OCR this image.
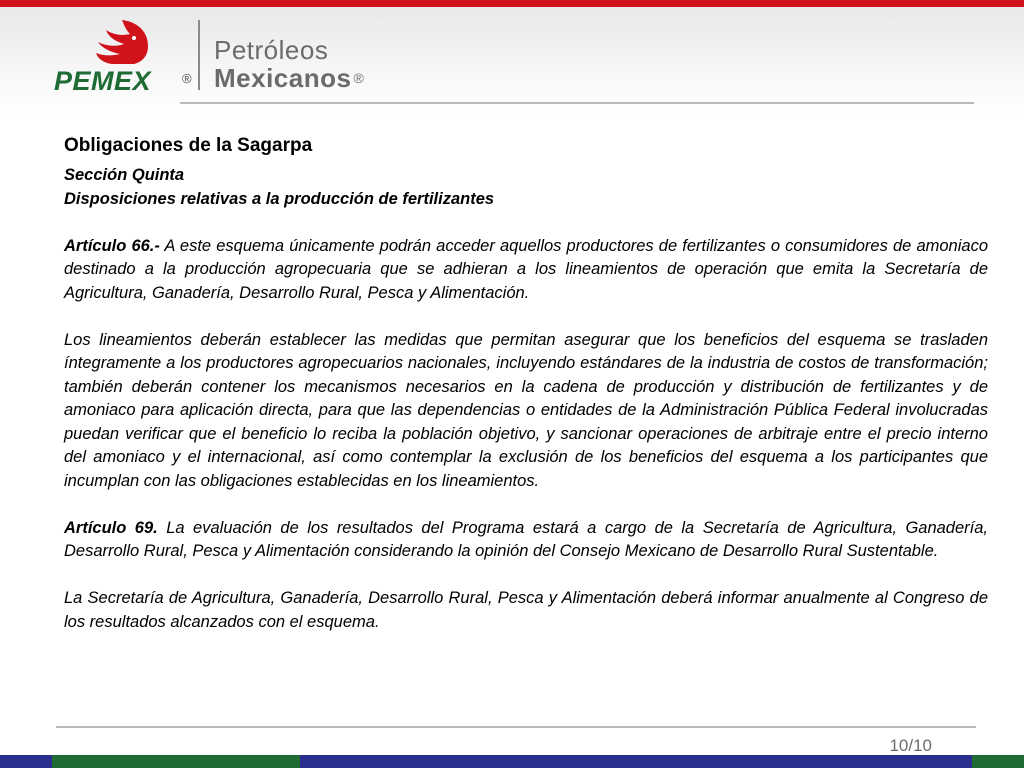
PEMEX ®
Petróleos
Mexicanos ®
Obligaciones de la Sagarpa
Sección Quinta
Disposiciones relativas a la producción de fertilizantes

Artículo 66.- A este esquema únicamente podrán acceder aquellos productores de fertilizantes o consumidores de amoniaco destinado a la producción agropecuaria que se adhieran a los lineamientos de operación que emita la Secretaría de Agricultura, Ganadería, Desarrollo Rural, Pesca y Alimentación.

Los lineamientos deberán establecer las medidas que permitan asegurar que los beneficios del esquema se trasladen íntegramente a los productores agropecuarios nacionales, incluyendo estándares de la industria de costos de transformación; también deberán contener los mecanismos necesarios en la cadena de producción y distribución de fertilizantes y de amoniaco para aplicación directa, para que las dependencias o entidades de la Administración Pública Federal involucradas puedan verificar que el beneficio lo reciba la población objetivo, y sancionar operaciones de arbitraje entre el precio interno del amoniaco y el internacional, así como contemplar la exclusión de los beneficios del esquema a los participantes que incumplan con las obligaciones establecidas en los lineamientos.

Artículo 69. La evaluación de los resultados del Programa estará a cargo de la Secretaría de Agricultura, Ganadería, Desarrollo Rural, Pesca y Alimentación considerando la opinión del Consejo Mexicano de Desarrollo Rural Sustentable.

La Secretaría de Agricultura, Ganadería, Desarrollo Rural, Pesca y Alimentación deberá informar anualmente al Congreso de los resultados alcanzados con el esquema.

10/10
